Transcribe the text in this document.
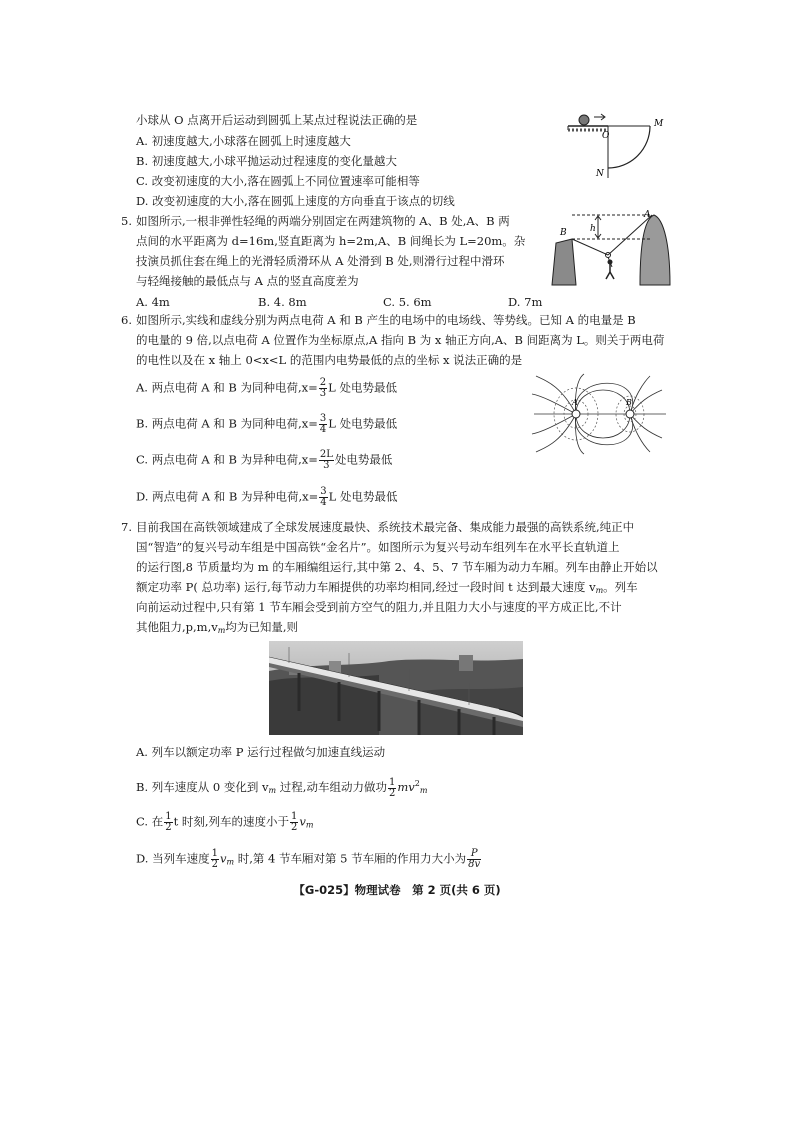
小球从 O 点离开后运动到圆弧上某点过程说法正确的是
A. 初速度越大,小球落在圆弧上时速度越大
B. 初速度越大,小球平抛运动过程速度的变化量越大
C. 改变初速度的大小,落在圆弧上不同位置速率可能相等
D. 改变初速度的大小,落在圆弧上速度的方向垂直于该点的切线
O
M
N
5. 如图所示,一根非弹性轻绳的两端分别固定在两建筑物的 A、B 处,A、B 两
点间的水平距离为 d=16m,竖直距离为 h=2m,A、B 间绳长为 L=20m。杂
技演员抓住套在绳上的光滑轻质滑环从 A 处滑到 B 处,则滑行过程中滑环
与轻绳接触的最低点与 A 点的竖直高度差为
A. 4m	B. 4. 8m	C. 5. 6m	D. 7m
A
B	h
6. 如图所示,实线和虚线分别为两点电荷 A 和 B 产生的电场中的电场线、等势线。已知 A 的电量是 B
的电量的 9 倍,以点电荷 A 位置作为坐标原点,A 指向 B 为 x 轴正方向,A、B 间距离为 L。则关于两电荷
的电性以及在 x 轴上 0<x<L 的范围内电势最低的点的坐标 x 说法正确的是
A. 两点电荷 A 和 B 为同种电荷$,x= \frac{2}{3}$ L 处电势最低
B. 两点电荷 A 和 B 为同种电荷$,x= \frac{3}{4}$ L 处电势最低
C. 两点电荷 A 和 B 为异种电荷$,x= \frac{2L}{3}$ 处电势最低
D. 两点电荷 A 和 B 为异种电荷$,x= \frac{3}{4}$ L 处电势最低
A	B
7. 目前我国在高铁领域建成了全球发展速度最快、系统技术最完备、集成能力最强的高铁系统,纯正中
国“智造”的复兴号动车组是中国高铁“金名片”。如图所示为复兴号动车组列车在水平长直轨道上
的运行图,8 节质量均为 m 的车厢编组运行,其中第 2、4、5、7 节车厢为动力车厢。列车由静止开始以
额定功率 P( 总功率) 运行,每节动力车厢提供的功率均相同,经过一段时间 t 达到最大速度 $v_m$。列车
向前运动过程中,只有第 1 节车厢会受到前方空气的阻力,并且阻力大小与速度的平方成正比,不计
其他阻力$,p,m,v_m$均为已知量,则
A. 列车以额定功率 P 运行过程做匀加速直线运动
B. 列车速度从 0 变化到 $v_m$ 过程,动车组动力做功 $\frac{1}{2} mv^2_m$
C. 在 $\frac{1}{2}$ t 时刻,列车的速度小于 $\frac{1}{2} v_m$
D. 当列车速度 $\frac{1}{2} v_m$ 时,第 4 节车厢对第 5 节车厢的作用力大小为 $\frac{P}{8v}$
【G-025】物理试卷　第 2 页(共 6 页)
